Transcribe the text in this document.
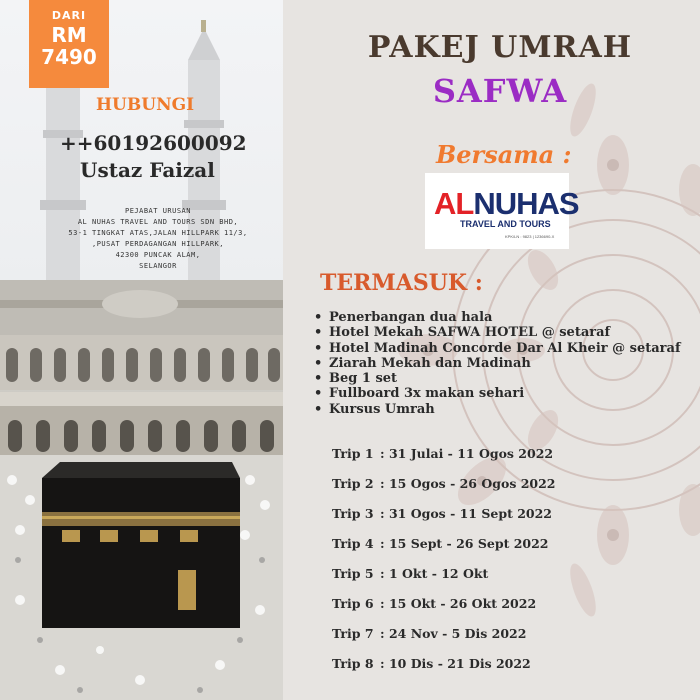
DARI
RM
7490
HUBUNGI
++60192600092
Ustaz Faizal
PEJABAT URUSAN
AL NUHAS TRAVEL AND TOURS SDN BHD,
53-1 TINGKAT ATAS,JALAN HILLPARK 11/3,
,PUSAT PERDAGANGAN HILLPARK,
42300 PUNCAK ALAM,
SELANGOR
PAKEJ UMRAH
SAFWA
Bersama :
ALNUHAS
TRAVEL AND TOURS
KPK/LN : 9823 | 1236690-X
TERMASUK :
• Penerbangan dua hala
• Hotel Mekah SAFWA HOTEL @ setaraf
• Hotel Madinah Concorde Dar Al Kheir @ setaraf
• Ziarah Mekah dan Madinah
• Beg 1 set
• Fullboard 3x makan sehari
• Kursus Umrah
Trip 1 : 31 Julai - 11 Ogos 2022
Trip 2 : 15 Ogos - 26 Ogos 2022
Trip 3 : 31 Ogos - 11 Sept 2022
Trip 4 : 15 Sept - 26 Sept 2022
Trip 5 : 1 Okt - 12 Okt
Trip 6 : 15 Okt - 26 Okt 2022
Trip 7 : 24 Nov - 5 Dis 2022
Trip 8 : 10 Dis - 21 Dis 2022
